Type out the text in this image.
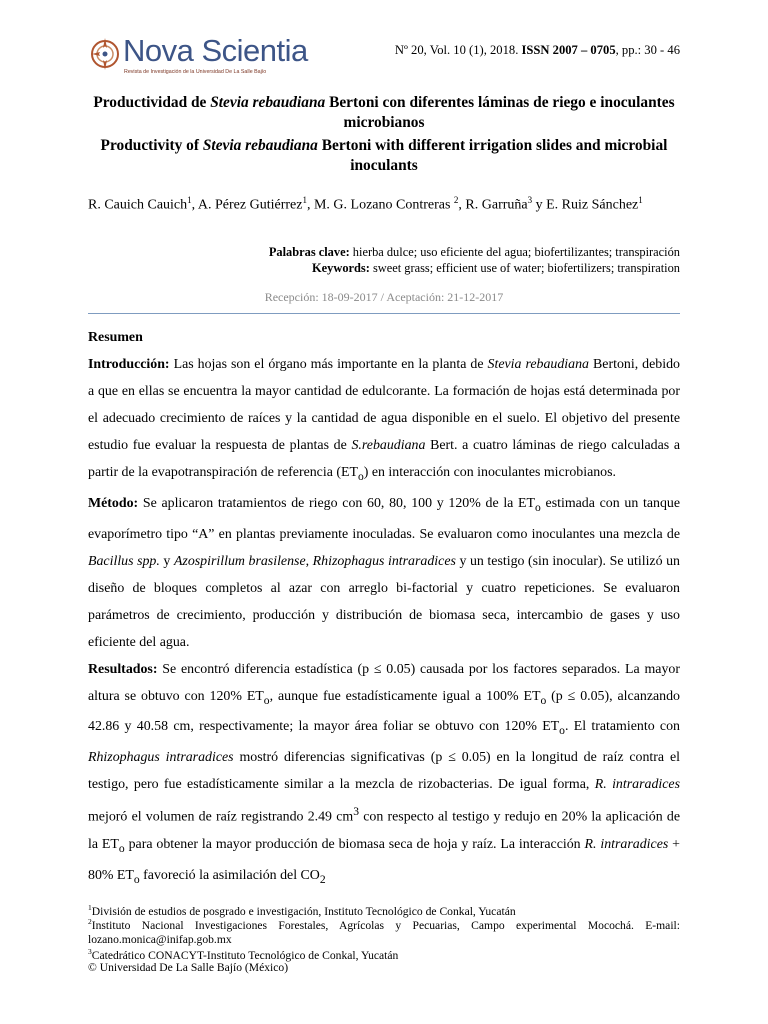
Nova Scientia
Revista de Investigación de la Universidad De La Salle Bajío
Nº 20, Vol. 10 (1), 2018. ISSN 2007 – 0705, pp.: 30 - 46
Productividad de Stevia rebaudiana Bertoni con diferentes láminas de riego e inoculantes microbianos
Productivity of Stevia rebaudiana Bertoni with different irrigation slides and microbial inoculants
R. Cauich Cauich$^1$, A. Pérez Gutiérrez$^1$, M. G. Lozano Contreras $^2$, R. Garruña$^3$ y E. Ruiz Sánchez$^1$
Palabras clave: hierba dulce; uso eficiente del agua; biofertilizantes; transpiración
Keywords: sweet grass; efficient use of water; biofertilizers; transpiration
Recepción: 18-09-2017 / Aceptación: 21-12-2017

Resumen

Introducción: Las hojas son el órgano más importante en la planta de Stevia rebaudiana Bertoni, debido a que en ellas se encuentra la mayor cantidad de edulcorante. La formación de hojas está determinada por el adecuado crecimiento de raíces y la cantidad de agua disponible en el suelo. El objetivo del presente estudio fue evaluar la respuesta de plantas de S.rebaudiana Bert. a cuatro láminas de riego calculadas a partir de la evapotranspiración de referencia $(ET_o)$ en interacción con inoculantes microbianos.

Método: Se aplicaron tratamientos de riego con 60, 80, 100 y 120% de la $ET_o$ estimada con un tanque evaporímetro tipo “A” en plantas previamente inoculadas. Se evaluaron como inoculantes una mezcla de Bacillus spp. y Azospirillum brasilense, Rhizophagus intraradices y un testigo (sin inocular). Se utilizó un diseño de bloques completos al azar con arreglo bi-factorial y cuatro repeticiones. Se evaluaron parámetros de crecimiento, producción y distribución de biomasa seca, intercambio de gases y uso eficiente del agua.

Resultados: Se encontró diferencia estadística (p ≤ 0.05) causada por los factores separados. La mayor altura se obtuvo con 120% $ET_o$, aunque fue estadísticamente igual a 100% $ET_o$ (p ≤ 0.05), alcanzando 42.86 y 40.58 cm, respectivamente; la mayor área foliar se obtuvo con 120% $ET_o$. El tratamiento con Rhizophagus intraradices mostró diferencias significativas (p ≤ 0.05) en la longitud de raíz contra el testigo, pero fue estadísticamente similar a la mezcla de rizobacterias. De igual forma, R. intraradices mejoró el volumen de raíz registrando 2.49 $cm^3$ con respecto al testigo y redujo en 20% la aplicación de la $ET_o$ para obtener la mayor producción de biomasa seca de hoja y raíz. La interacción R. intraradices + 80% $ET_o$ favoreció la asimilación del $CO_2$

$^1$División de estudios de posgrado e investigación, Instituto Tecnológico de Conkal, Yucatán
$^2$Instituto Nacional Investigaciones Forestales, Agrícolas y Pecuarias, Campo experimental Mocochá. E-mail: lozano.monica@inifap.gob.mx
$^3$Catedrático CONACYT-Instituto Tecnológico de Conkal, Yucatán
© Universidad De La Salle Bajío (México)
